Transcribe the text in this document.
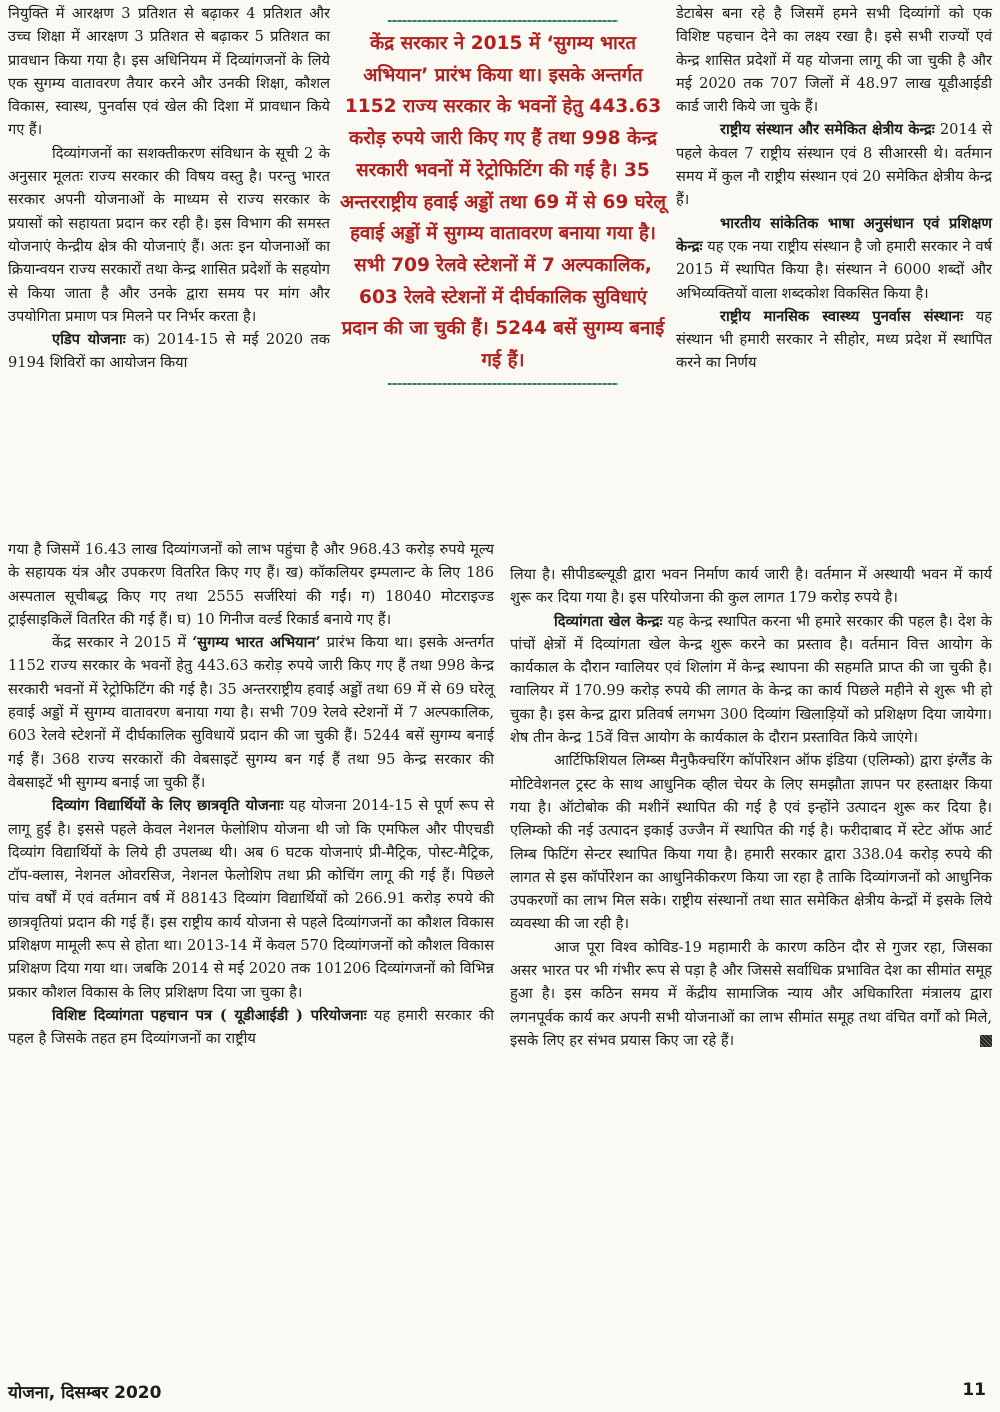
नियुक्ति में आरक्षण 3 प्रतिशत से बढ़ाकर 4 प्रतिशत और उच्च शिक्षा में आरक्षण 3 प्रतिशत से बढ़ाकर 5 प्रतिशत का प्रावधान किया गया है। इस अधिनियम में दिव्यांगजनों के लिये एक सुगम्य वातावरण तैयार करने और उनकी शिक्षा, कौशल विकास, स्वास्थ, पुनर्वास एवं खेल की दिशा में प्रावधान किये गए हैं।

दिव्यांगजनों का सशक्तीकरण संविधान के सूची 2 के अनुसार मूलतः राज्य सरकार की विषय वस्तु है। परन्तु भारत सरकार अपनी योजनाओं के माध्यम से राज्य सरकार के प्रयासों को सहायता प्रदान कर रही है। इस विभाग की समस्त योजनाएं केन्द्रीय क्षेत्र की योजनाएं हैं। अतः इन योजनाओं का क्रियान्वयन राज्य सरकारों तथा केन्द्र शासित प्रदेशों के सहयोग से किया जाता है और उनके द्वारा समय पर मांग और उपयोगिता प्रमाण पत्र मिलने पर निर्भर करता है।

एडिप योजनाः क) 2014-15 से मई 2020 तक 9194 शिविरों का आयोजन किया

केंद्र सरकार ने 2015 में ‘सुगम्य भारत अभियान’ प्रारंभ किया था। इसके अन्तर्गत 1152 राज्य सरकार के भवनों हेतु 443.63 करोड़ रुपये जारी किए गए हैं तथा 998 केन्द्र सरकारी भवनों में रेट्रोफिटिंग की गई है। 35 अन्तरराष्ट्रीय हवाई अड्डों तथा 69 में से 69 घरेलू हवाई अड्डों में सुगम्य वातावरण बनाया गया है। सभी 709 रेलवे स्टेशनों में 7 अल्पकालिक, 603 रेलवे स्टेशनों में दीर्घकालिक सुविधाएं प्रदान की जा चुकी हैं। 5244 बसें सुगम्य बनाई गई हैं।

डेटाबेस बना रहे है जिसमें हमने सभी दिव्यांगों को एक विशिष्ट पहचान देने का लक्ष्य रखा है। इसे सभी राज्यों एवं केन्द्र शासित प्रदेशों में यह योजना लागू की जा चुकी है और मई 2020 तक 707 जिलों में 48.97 लाख यूडीआईडी कार्ड जारी किये जा चुके हैं।

राष्ट्रीय संस्थान और समेकित क्षेत्रीय केन्द्रः 2014 से पहले केवल 7 राष्ट्रीय संस्थान एवं 8 सीआरसी थे। वर्तमान समय में कुल नौ राष्ट्रीय संस्थान एवं 20 समेकित क्षेत्रीय केन्द्र हैं।

भारतीय सांकेतिक भाषा अनुसंधान एवं प्रशिक्षण केन्द्रः यह एक नया राष्ट्रीय संस्थान है जो हमारी सरकार ने वर्ष 2015 में स्थापित किया है। संस्थान ने 6000 शब्दों और अभिव्यक्तियों वाला शब्दकोश विकसित किया है।

राष्ट्रीय मानसिक स्वास्थ्य पुनर्वास संस्थानः यह संस्थान भी हमारी सरकार ने सीहोर, मध्य प्रदेश में स्थापित करने का निर्णय

गया है जिसमें 16.43 लाख दिव्यांगजनों को लाभ पहुंचा है और 968.43 करोड़ रुपये मूल्य के सहायक यंत्र और उपकरण वितरित किए गए हैं। ख) कॉकलियर इम्पलान्ट के लिए 186 अस्पताल सूचीबद्ध किए गए तथा 2555 सर्जरियां की गईं। ग) 18040 मोटराइज्ड ट्राईसाइकिलें वितरित की गई हैं। घ) 10 गिनीज वर्ल्ड रिकार्ड बनाये गए हैं।

केंद्र सरकार ने 2015 में ‘सुगम्य भारत अभियान’ प्रारंभ किया था। इसके अन्तर्गत 1152 राज्य सरकार के भवनों हेतु 443.63 करोड़ रुपये जारी किए गए हैं तथा 998 केन्द्र सरकारी भवनों में रेट्रोफिटिंग की गई है। 35 अन्तरराष्ट्रीय हवाई अड्डों तथा 69 में से 69 घरेलू हवाई अड्डों में सुगम्य वातावरण बनाया गया है। सभी 709 रेलवे स्टेशनों में 7 अल्पकालिक, 603 रेलवे स्टेशनों में दीर्घकालिक सुविधायें प्रदान की जा चुकी हैं। 5244 बसें सुगम्य बनाई गई हैं। 368 राज्य सरकारों की वेबसाइटें सुगम्य बन गई हैं तथा 95 केन्द्र सरकार की वेबसाइटें भी सुगम्य बनाई जा चुकी हैं।

दिव्यांग विद्यार्थियों के लिए छात्रवृति योजनाः यह योजना 2014-15 से पूर्ण रूप से लागू हुई है। इससे पहले केवल नेशनल फेलोशिप योजना थी जो कि एमफिल और पीएचडी दिव्यांग विद्यार्थियों के लिये ही उपलब्ध थी। अब 6 घटक योजनाएं प्री-मैट्रिक, पोस्ट-मैट्रिक, टॉप-क्लास, नेशनल ओवरसिज, नेशनल फेलोशिप तथा फ्री कोचिंग लागू की गई हैं। पिछले पांच वर्षों में एवं वर्तमान वर्ष में 88143 दिव्यांग विद्यार्थियों को 266.91 करोड़ रुपये की छात्रवृतियां प्रदान की गई हैं। इस राष्ट्रीय कार्य योजना से पहले दिव्यांगजनों का कौशल विकास प्रशिक्षण मामूली रूप से होता था। 2013-14 में केवल 570 दिव्यांगजनों को कौशल विकास प्रशिक्षण दिया गया था। जबकि 2014 से मई 2020 तक 101206 दिव्यांगजनों को विभिन्न प्रकार कौशल विकास के लिए प्रशिक्षण दिया जा चुका है।

विशिष्ट दिव्यांगता पहचान पत्र ( यूडीआईडी ) परियोजनाः यह हमारी सरकार की पहल है जिसके तहत हम दिव्यांगजनों का राष्ट्रीय

लिया है। सीपीडब्ल्यूडी द्वारा भवन निर्माण कार्य जारी है। वर्तमान में अस्थायी भवन में कार्य शुरू कर दिया गया है। इस परियोजना की कुल लागत 179 करोड़ रुपये है।

दिव्यांगता खेल केन्द्रः यह केन्द्र स्थापित करना भी हमारे सरकार की पहल है। देश के पांचों क्षेत्रों में दिव्यांगता खेल केन्द्र शुरू करने का प्रस्ताव है। वर्तमान वित्त आयोग के कार्यकाल के दौरान ग्वालियर एवं शिलांग में केन्द्र स्थापना की सहमति प्राप्त की जा चुकी है। ग्वालियर में 170.99 करोड़ रुपये की लागत के केन्द्र का कार्य पिछले महीने से शुरू भी हो चुका है। इस केन्द्र द्वारा प्रतिवर्ष लगभग 300 दिव्यांग खिलाड़ियों को प्रशिक्षण दिया जायेगा। शेष तीन केन्द्र 15वें वित्त आयोग के कार्यकाल के दौरान प्रस्तावित किये जाएंगे।

आर्टिफिशियल लिम्ब्स मैनुफैक्चरिंग कॉर्पोरेशन ऑफ इंडिया (एलिम्को) द्वारा इंग्लैंड के मोटिवेशनल ट्रस्ट के साथ आधुनिक व्हील चेयर के लिए समझौता ज्ञापन पर हस्ताक्षर किया गया है। ऑटोबोक की मशीनें स्थापित की गई है एवं इन्होंने उत्पादन शुरू कर दिया है। एलिम्को की नई उत्पादन इकाई उज्जैन में स्थापित की गई है। फरीदाबाद में स्टेट ऑफ आर्ट लिम्ब फिटिंग सेन्टर स्थापित किया गया है। हमारी सरकार द्वारा 338.04 करोड़ रुपये की लागत से इस कॉर्पोरेशन का आधुनिकीकरण किया जा रहा है ताकि दिव्यांगजनों को आधुनिक उपकरणों का लाभ मिल सके। राष्ट्रीय संस्थानों तथा सात समेकित क्षेत्रीय केन्द्रों में इसके लिये व्यवस्था की जा रही है।

आज पूरा विश्व कोविड-19 महामारी के कारण कठिन दौर से गुजर रहा, जिसका असर भारत पर भी गंभीर रूप से पड़ा है और जिससे सर्वाधिक प्रभावित देश का सीमांत समूह हुआ है। इस कठिन समय में केंद्रीय सामाजिक न्याय और अधिकारिता मंत्रालय द्वारा लगनपूर्वक कार्य कर अपनी सभी योजनाओं का लाभ सीमांत समूह तथा वंचित वर्गों को मिले, इसके लिए हर संभव प्रयास किए जा रहे हैं।

योजना, दिसम्बर 2020	11
